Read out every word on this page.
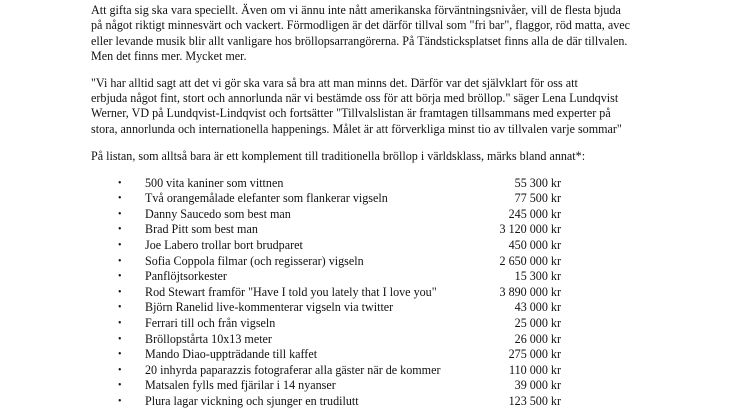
Att gifta sig ska vara speciellt. Även om vi ännu inte nått amerikanska förväntningsnivåer, vill de flesta bjuda
på något riktigt minnesvärt och vackert. Förmodligen är det därför tillval som "fri bar", flaggor, röd matta, avec
eller levande musik blir allt vanligare hos bröllopsarrangörerna. På Tändsticksplatset finns alla de där tillvalen.
Men det finns mer. Mycket mer.

"Vi har alltid sagt att det vi gör ska vara så bra att man minns det. Därför var det självklart för oss att
erbjuda något fint, stort och annorlunda när vi bestämde oss för att börja med bröllop." säger Lena Lundqvist
Werner, VD på Lundqvist-Lindqvist och fortsätter "Tillvalslistan är framtagen tillsammans med experter på
stora, annorlunda och internationella happenings. Målet är att förverkliga minst tio av tillvalen varje sommar"

På listan, som alltså bara är ett komplement till traditionella bröllop i världsklass, märks bland annat*:

• 500 vita kaniner som vittnen	55 300 kr
• Två orangemålade elefanter som flankerar vigseln	77 500 kr
• Danny Saucedo som best man	245 000 kr
• Brad Pitt som best man	3 120 000 kr
• Joe Labero trollar bort brudparet	450 000 kr
• Sofia Coppola filmar (och regisserar) vigseln	2 650 000 kr
• Panflöjtsorkester	15 300 kr
• Rod Stewart framför "Have I told you lately that I love you"	3 890 000 kr
• Björn Ranelid live-kommenterar vigseln via twitter	43 000 kr
• Ferrari till och från vigseln	25 000 kr
• Bröllopstårta 10x13 meter	26 000 kr
• Mando Diao-uppträdande till kaffet	275 000 kr
• 20 inhyrda paparazzis fotograferar alla gäster när de kommer	110 000 kr
• Matsalen fylls med fjärilar i 14 nyanser	39 000 kr
• Plura lagar vickning och sjunger en trudilutt	123 500 kr
